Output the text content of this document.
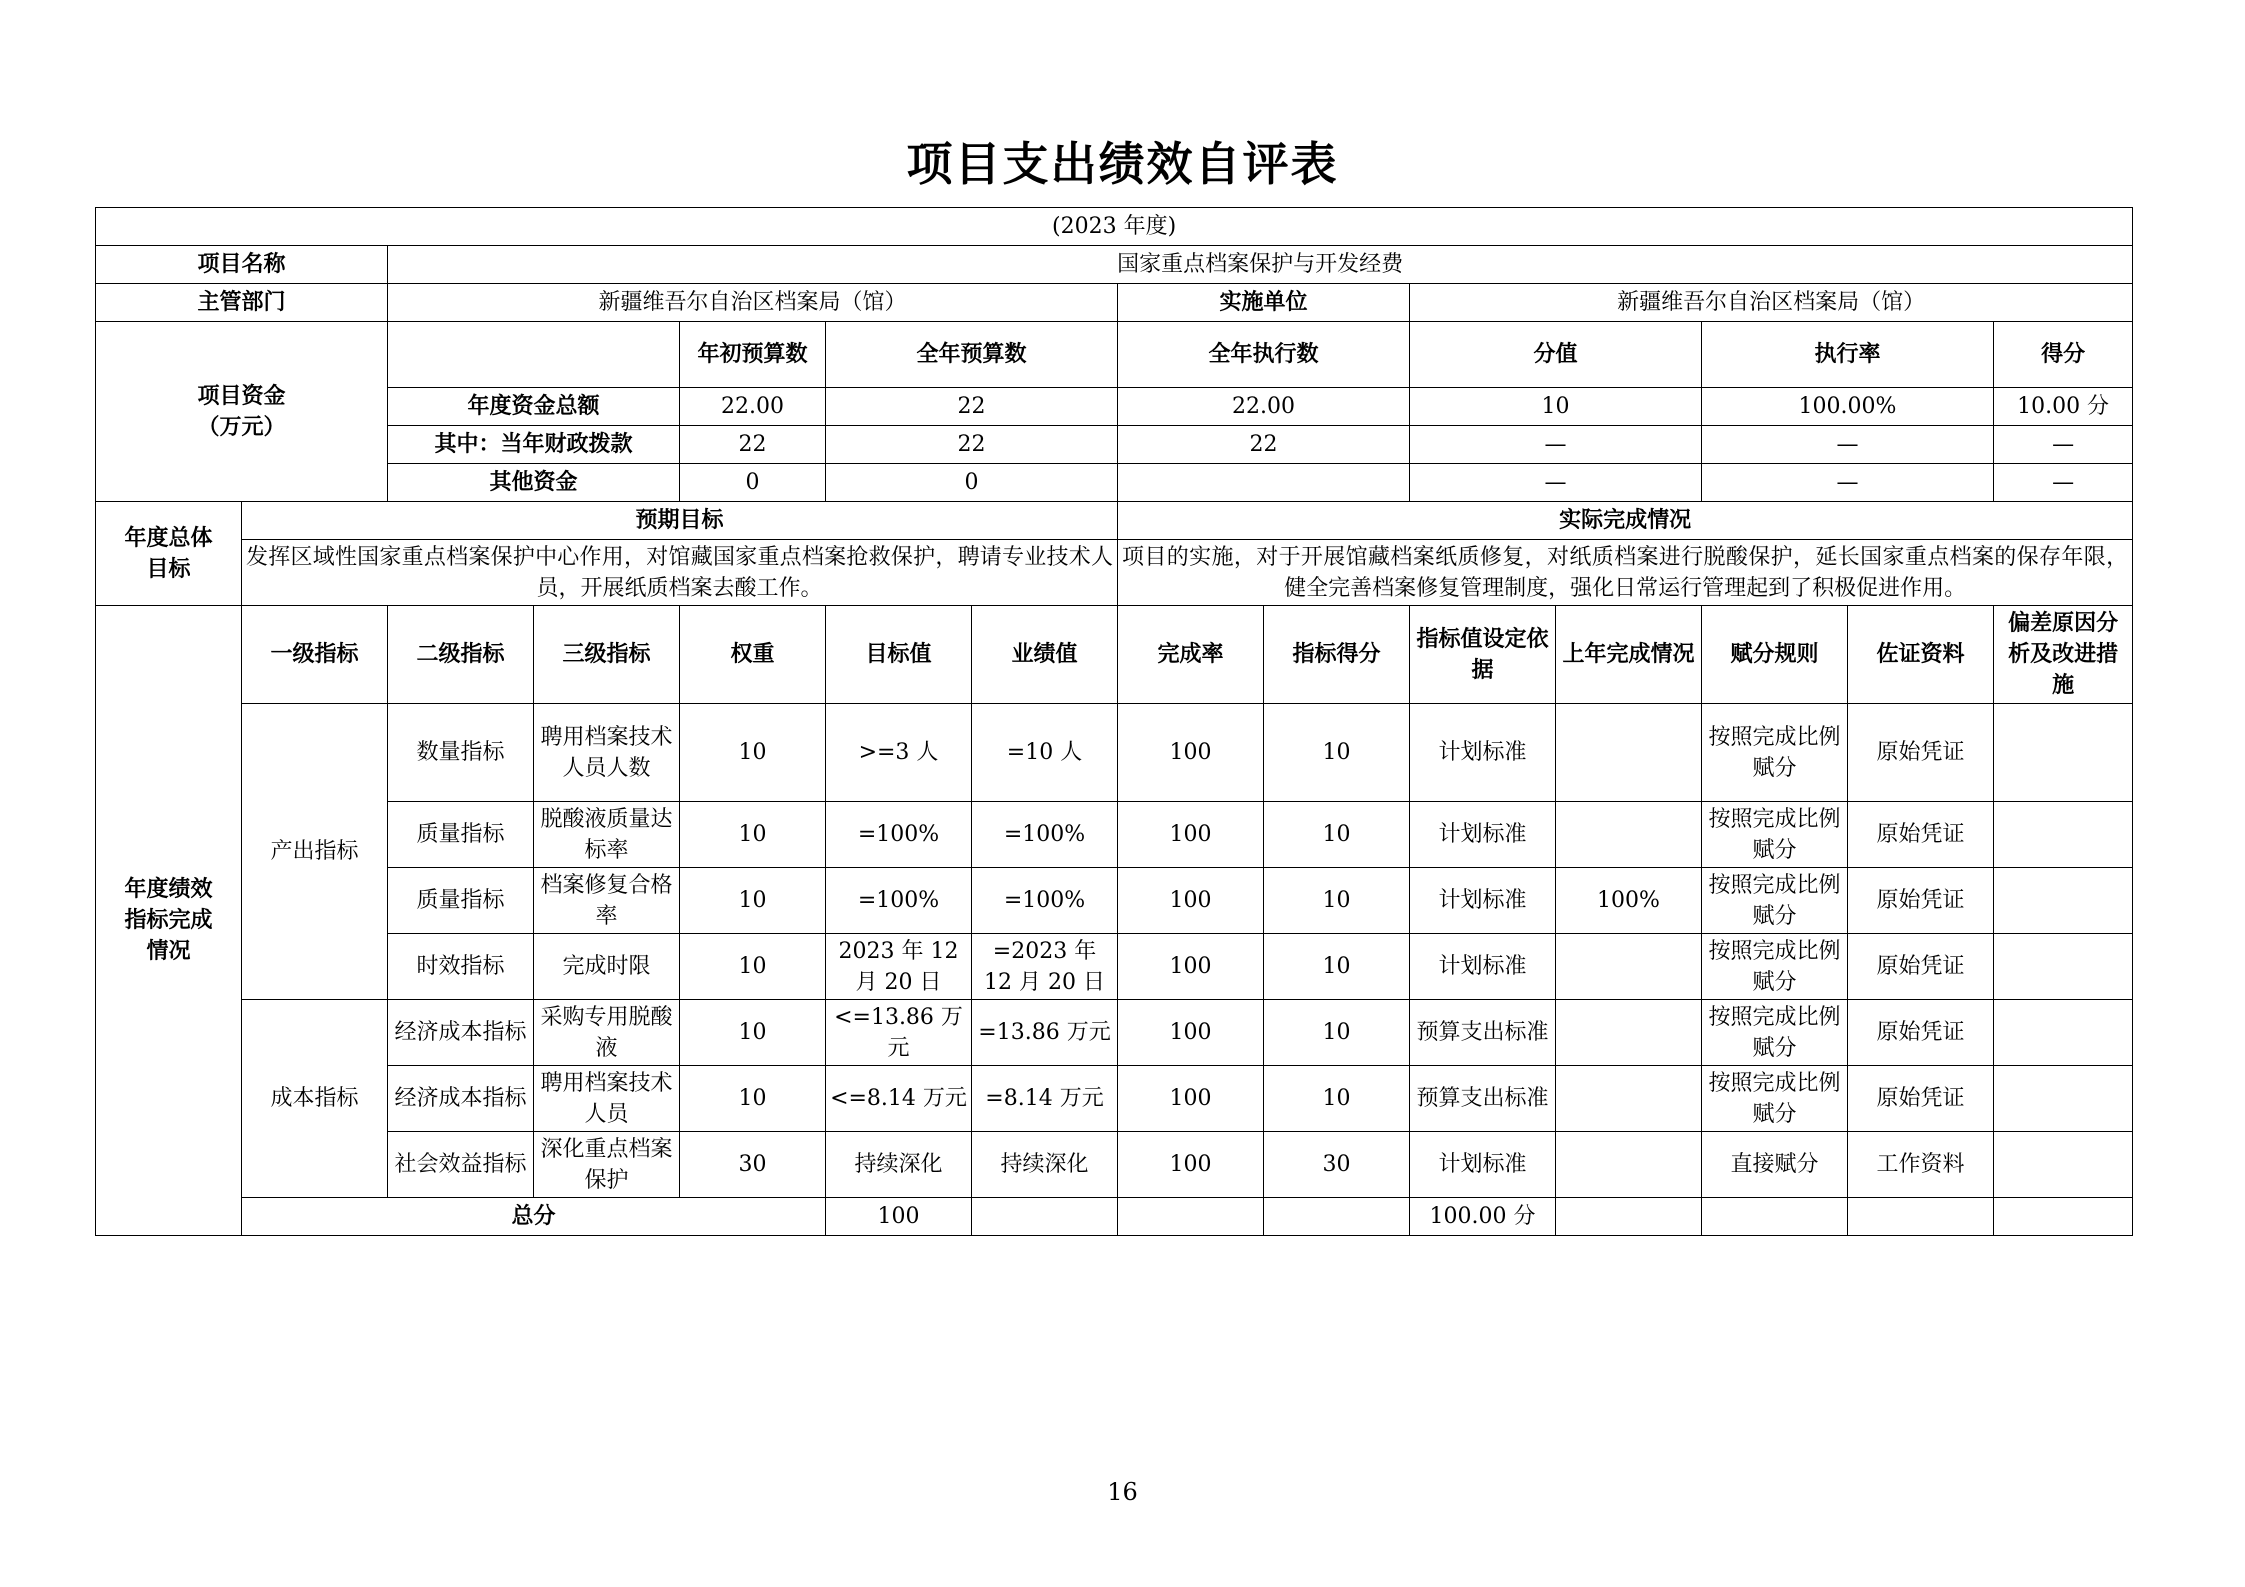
项目支出绩效自评表
(2023 年度)														
项目名称		国家重点档案保护与开发经费												
主管部门		新疆维吾尔自治区档案局（馆）					实施单位		新疆维吾尔自治区档案局（馆）					
项目资金
（万元）				年初预算数	全年预算数		全年执行数		分值		执行率		得分	
		年度资金总额		22.00	22		22.00		10		100.00%		10.00 分	
		其中：当年财政拨款		22	22		22		—		—		—	
		其他资金		0	0				—		—		—	
年度总体
目标	预期目标						实际完成情况							
	发挥区域性国家重点档案保护中心作用，对馆藏国家重点档案抢救保护，聘请专业技术人员，开展纸质档案去酸工作。						项目的实施，对于开展馆藏档案纸质修复，对纸质档案进行脱酸保护，延长国家重点档案的保存年限，健全完善档案修复管理制度，强化日常运行管理起到了积极促进作用。							
年度绩效
指标完成
情况	一级指标	二级指标	三级指标	权重	目标值	业绩值	完成率	指标得分	指标值设定依据	上年完成情况	赋分规则	佐证资料	偏差原因分析及改进措施	
	产出指标	数量指标	聘用档案技术人员人数	10	>=3 人	=10 人	100	10	计划标准		按照完成比例赋分	原始凭证		
		质量指标	脱酸液质量达标率	10	=100%	=100%	100	10	计划标准		按照完成比例赋分	原始凭证		
		质量指标	档案修复合格率	10	=100%	=100%	100	10	计划标准	100%	按照完成比例赋分	原始凭证		
		时效指标	完成时限	10	2023 年 12 月 20 日	=2023 年 12 月 20 日	100	10	计划标准		按照完成比例赋分	原始凭证		
	成本指标	经济成本指标	采购专用脱酸液	10	<=13.86 万元	=13.86 万元	100	10	预算支出标准		按照完成比例赋分	原始凭证		
		经济成本指标	聘用档案技术人员	10	<=8.14 万元	=8.14 万元	100	10	预算支出标准		按照完成比例赋分	原始凭证		
		社会效益指标	深化重点档案保护	30	持续深化	持续深化	100	30	计划标准		直接赋分	工作资料		
	总分				100				100.00 分					
16
